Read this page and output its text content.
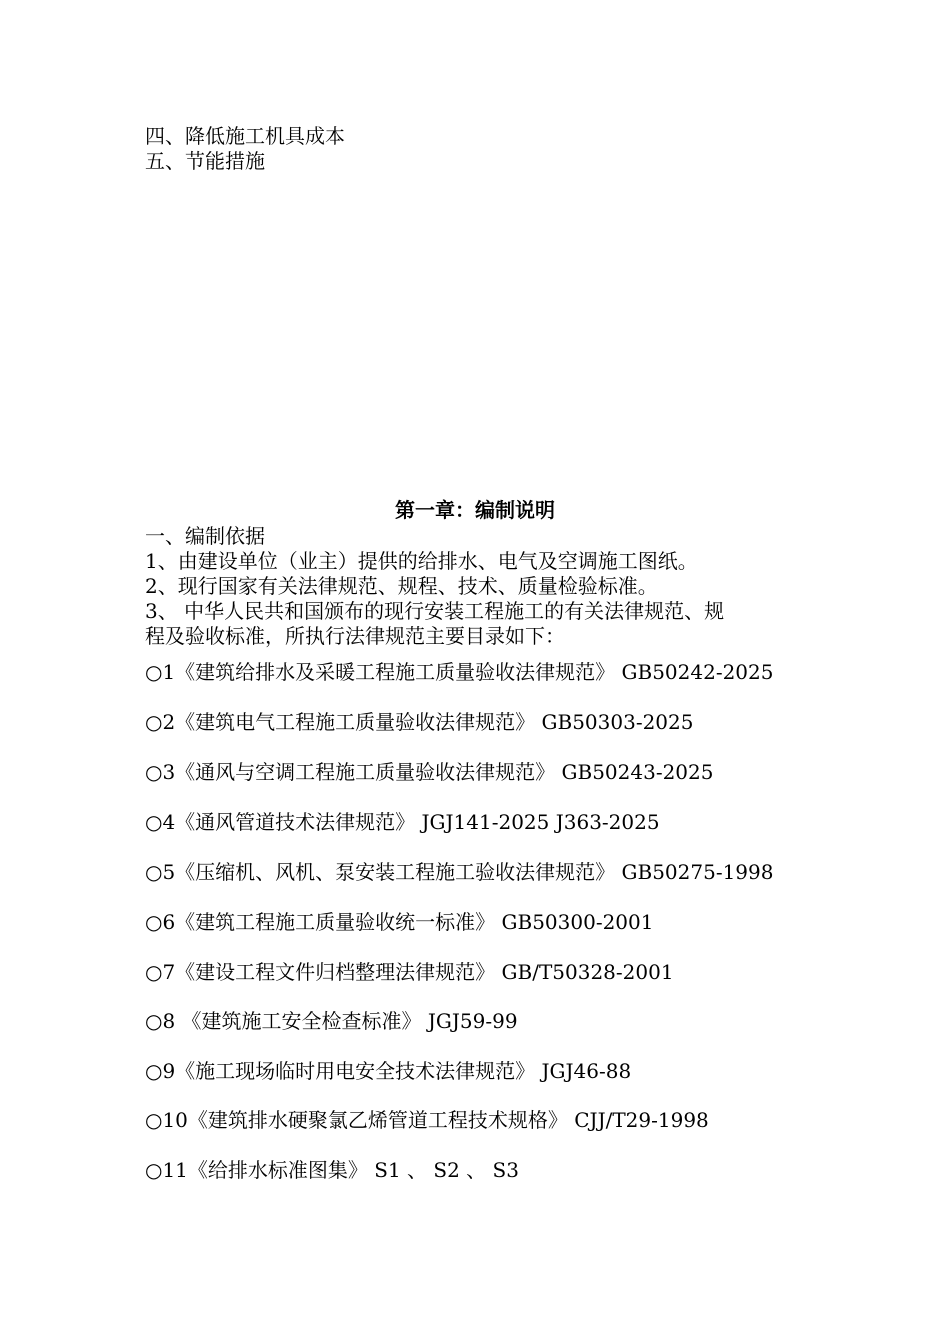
四、降低施工机具成本
五、节能措施
第一章：编制说明
一、编制依据
1、由建设单位（业主）提供的给排水、电气及空调施工图纸。
2、现行国家有关法律规范、规程、技术、质量检验标准。
3、 中华人民共和国颁布的现行安装工程施工的有关法律规范、规
程及验收标准，所执行法律规范主要目录如下：
○1《建筑给排水及采暖工程施工质量验收法律规范》 GB50242-2025
○2《建筑电气工程施工质量验收法律规范》 GB50303-2025
○3《通风与空调工程施工质量验收法律规范》 GB50243-2025
○4《通风管道技术法律规范》 JGJ141-2025 J363-2025
○5《压缩机、风机、泵安装工程施工验收法律规范》 GB50275-1998
○6《建筑工程施工质量验收统一标准》 GB50300-2001
○7《建设工程文件归档整理法律规范》 GB/T50328-2001
○8 《建筑施工安全检查标准》 JGJ59-99
○9《施工现场临时用电安全技术法律规范》 JGJ46-88
○10《建筑排水硬聚氯乙烯管道工程技术规格》 CJJ/T29-1998
○11《给排水标准图集》 S1 、 S2 、 S3
